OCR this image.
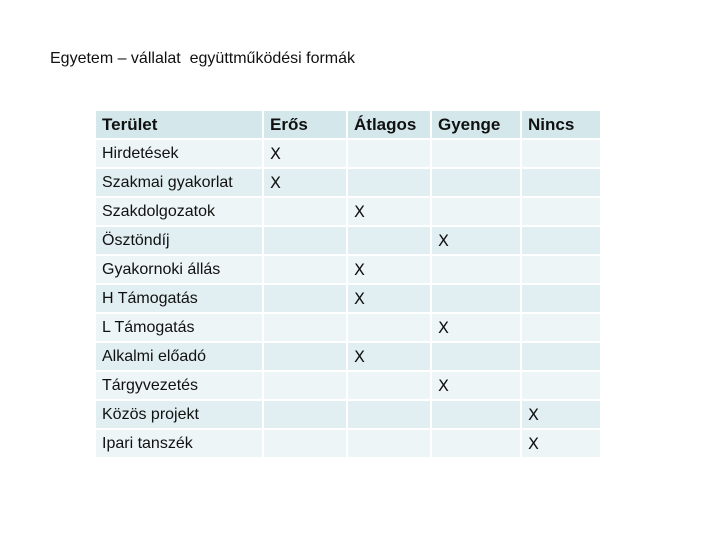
Egyetem – vállalat  együttműködési formák
Terület	Erős	Átlagos	Gyenge	Nincs
Hirdetések	X			
Szakmai gyakorlat	X			
Szakdolgozatok		X		
Ösztöndíj			X	
Gyakornoki állás		X		
H Támogatás		X		
L Támogatás			X	
Alkalmi előadó		X		
Tárgyvezetés			X	
Közös projekt				X
Ipari tanszék				X
